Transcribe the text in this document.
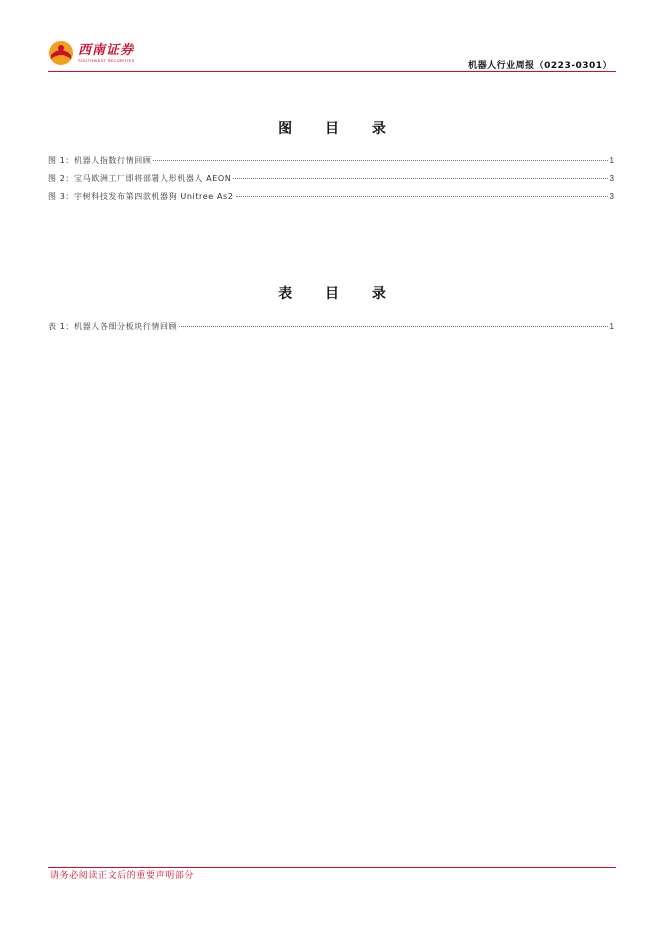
西南证券
SOUTHWEST SECURITIES
机器人行业周报（0223-0301）
图 目 录
图 1：机器人指数行情回顾	1
图 2：宝马欧洲工厂即将部署人形机器人 AEON	3
图 3：宇树科技发布第四款机器狗 Unitree As2	3
表 目 录
表 1：机器人各细分板块行情回顾	1
请务必阅读正文后的重要声明部分
